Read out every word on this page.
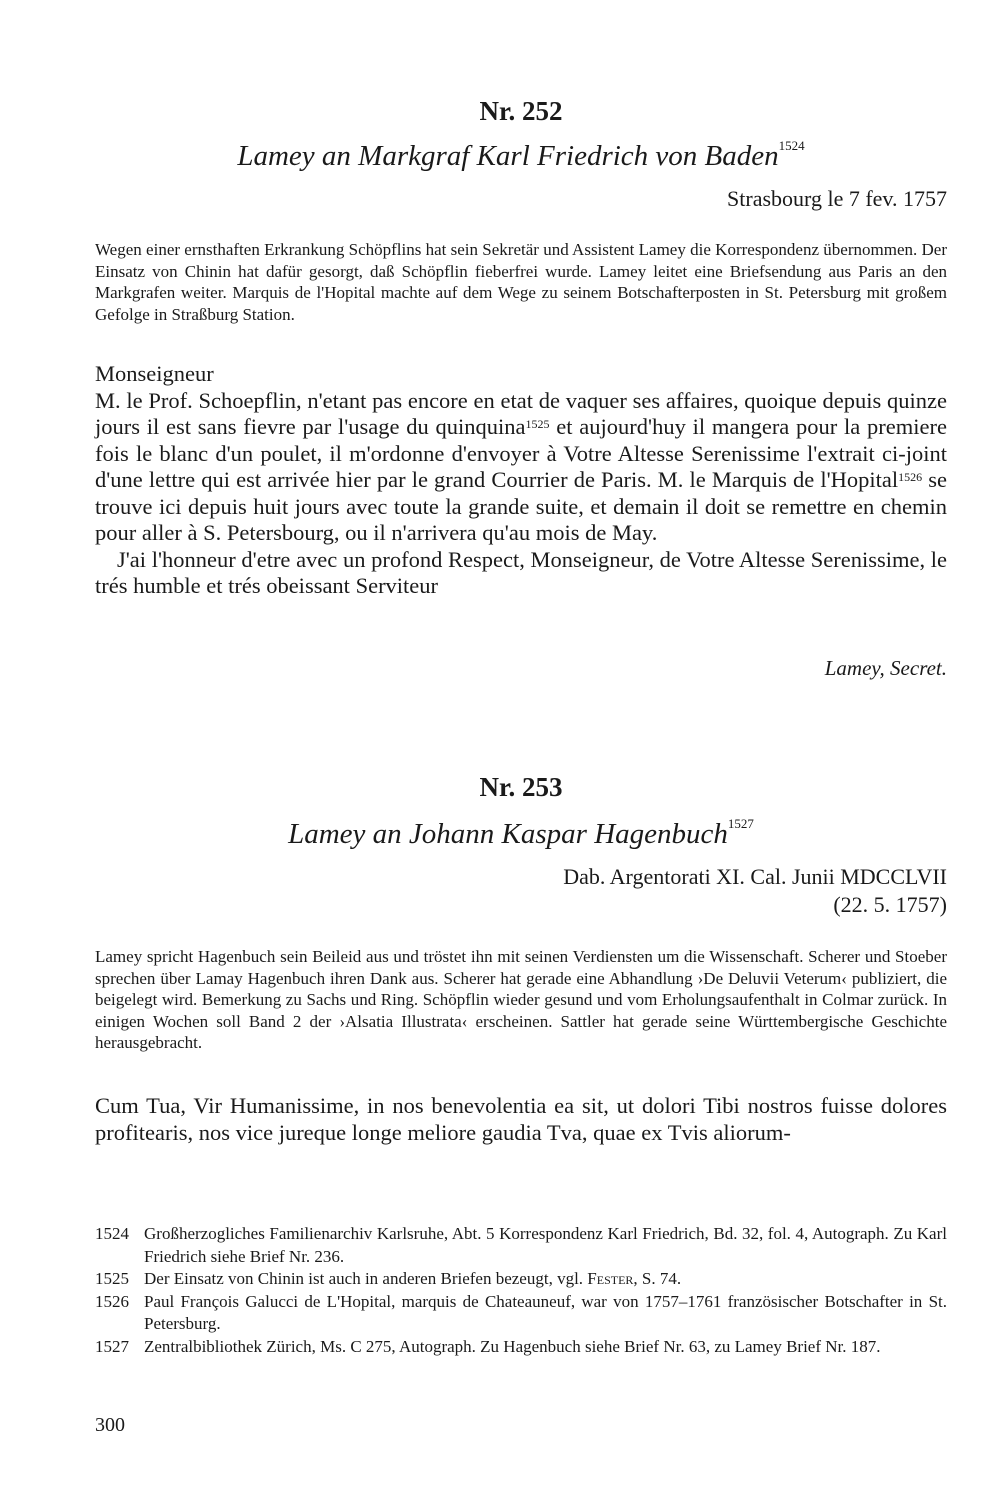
Nr. 252
Lamey an Markgraf Karl Friedrich von Baden$^{1524}$
Strasbourg le 7 fev. 1757
Wegen einer ernsthaften Erkrankung Schöpflins hat sein Sekretär und Assistent Lamey die Korrespondenz übernommen. Der Einsatz von Chinin hat dafür gesorgt, daß Schöpflin fieberfrei wurde. Lamey leitet eine Briefsendung aus Paris an den Markgrafen weiter. Marquis de l'Hopital machte auf dem Wege zu seinem Botschafterposten in St. Petersburg mit großem Gefolge in Straßburg Station.

Monseigneur

M. le Prof. Schoepflin, n'etant pas encore en etat de vaquer ses affaires, quoique depuis quinze jours il est sans fievre par l'usage du quinquina$^{1525}$ et aujourd'huy il mangera pour la premiere fois le blanc d'un poulet, il m'ordonne d'envoyer à Votre Altesse Serenissime l'extrait ci-joint d'une lettre qui est arrivée hier par le grand Courrier de Paris. M. le Marquis de l'Hopital$^{1526}$ se trouve ici depuis huit jours avec toute la grande suite, et demain il doit se remettre en chemin pour aller à S. Petersbourg, ou il n'arrivera qu'au mois de May.

J'ai l'honneur d'etre avec un profond Respect, Monseigneur, de Votre Altesse Serenissime, le trés humble et trés obeissant Serviteur

Lamey, Secret.
Nr. 253
Lamey an Johann Kaspar Hagenbuch$^{1527}$
Dab. Argentorati XI. Cal. Junii MDCCLVII
(22. 5. 1757)
Lamey spricht Hagenbuch sein Beileid aus und tröstet ihn mit seinen Verdiensten um die Wissenschaft. Scherer und Stoeber sprechen über Lamay Hagenbuch ihren Dank aus. Scherer hat gerade eine Abhandlung ›De Deluvii Veterum‹ publiziert, die beigelegt wird. Bemerkung zu Sachs und Ring. Schöpflin wieder gesund und vom Erholungsaufenthalt in Colmar zurück. In einigen Wochen soll Band 2 der ›Alsatia Illustrata‹ erscheinen. Sattler hat gerade seine Württembergische Geschichte herausgebracht.

Cum Tua, Vir Humanissime, in nos benevolentia ea sit, ut dolori Tibi nostros fuisse dolores profitearis, nos vice jureque longe meliore gaudia Tva, quae ex Tvis aliorum-

1524 Großherzogliches Familienarchiv Karlsruhe, Abt. 5 Korrespondenz Karl Friedrich, Bd. 32, fol. 4, Autograph. Zu Karl Friedrich siehe Brief Nr. 236.
1525 Der Einsatz von Chinin ist auch in anderen Briefen bezeugt, vgl. Fester, S. 74.
1526 Paul François Galucci de L'Hopital, marquis de Chateauneuf, war von 1757–1761 französischer Botschafter in St. Petersburg.
1527 Zentralbibliothek Zürich, Ms. C 275, Autograph. Zu Hagenbuch siehe Brief Nr. 63, zu Lamey Brief Nr. 187.
300
